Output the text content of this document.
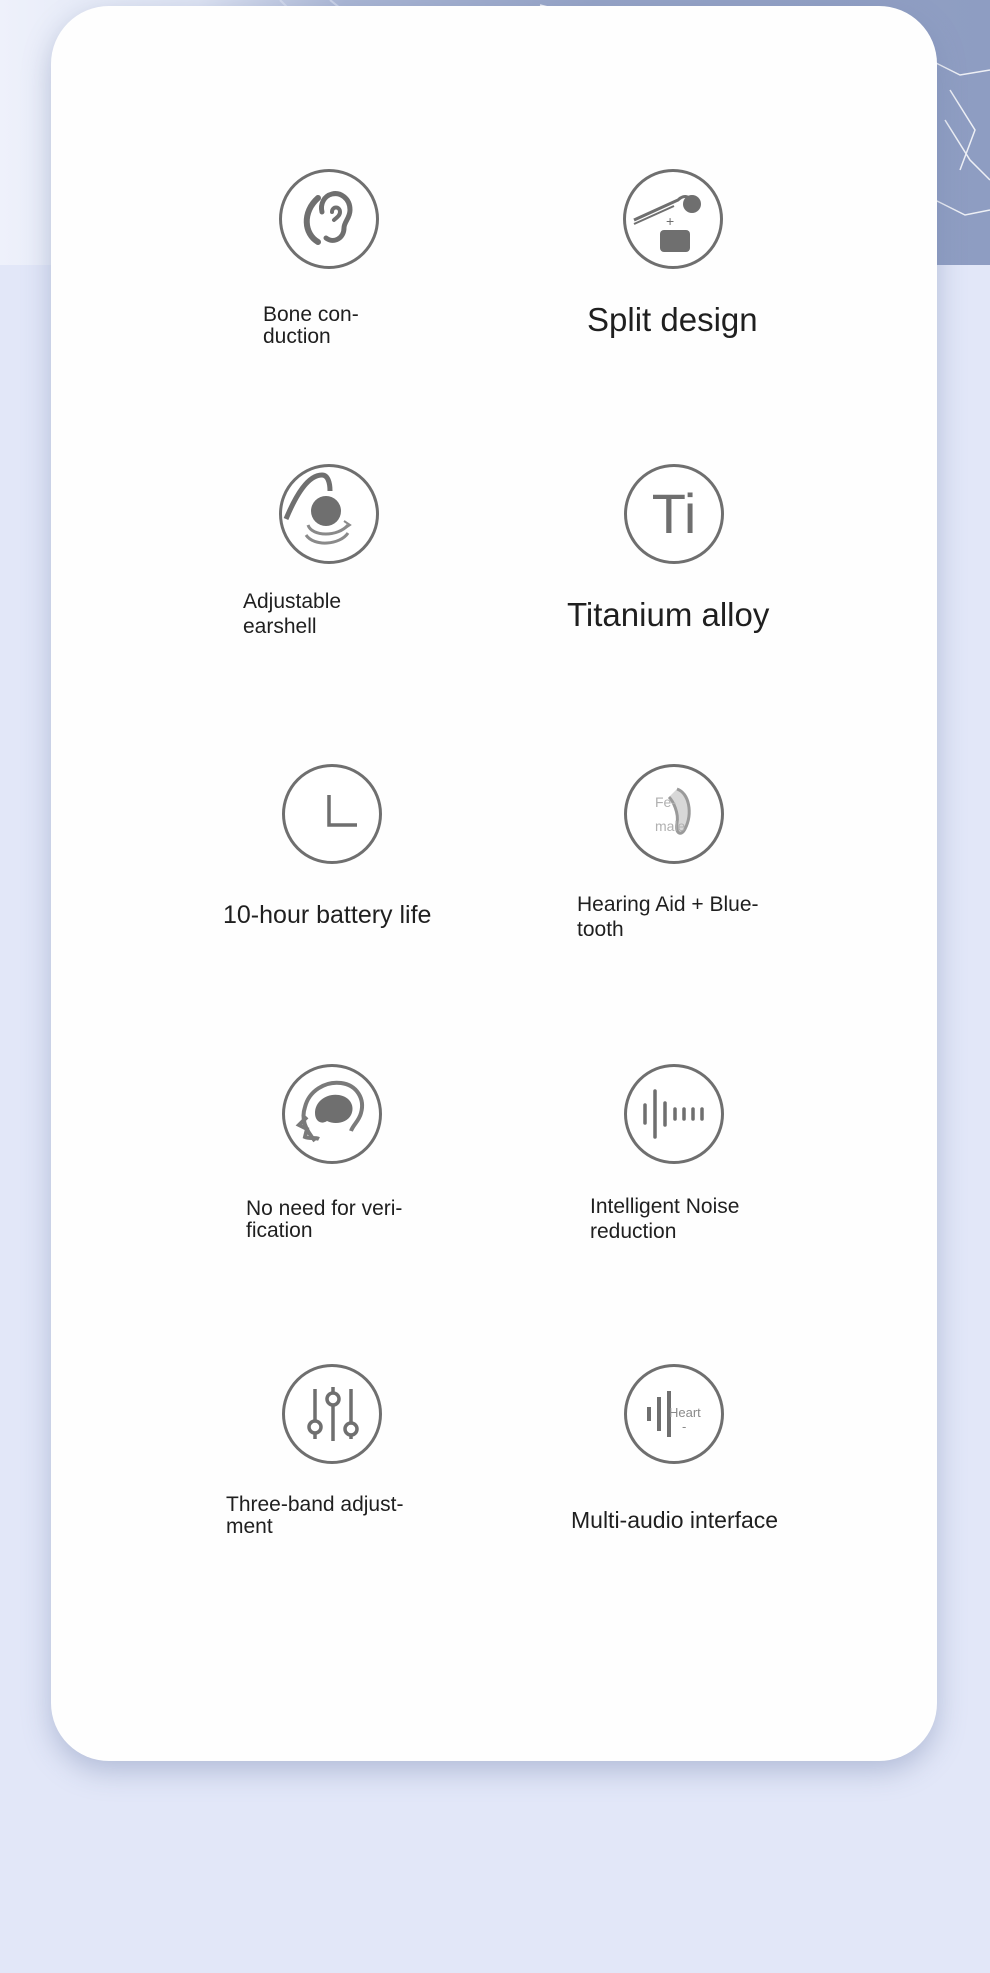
Bone con-
duction
+
Split design
Adjustable
earshell
Ti
Titanium alloy
10-hour battery life
Fe-
male
Hearing Aid + Blue-
tooth
No need for veri-
fication
Intelligent Noise
reduction
Three-band adjust-
ment
Heart
-
Multi-audio interface
